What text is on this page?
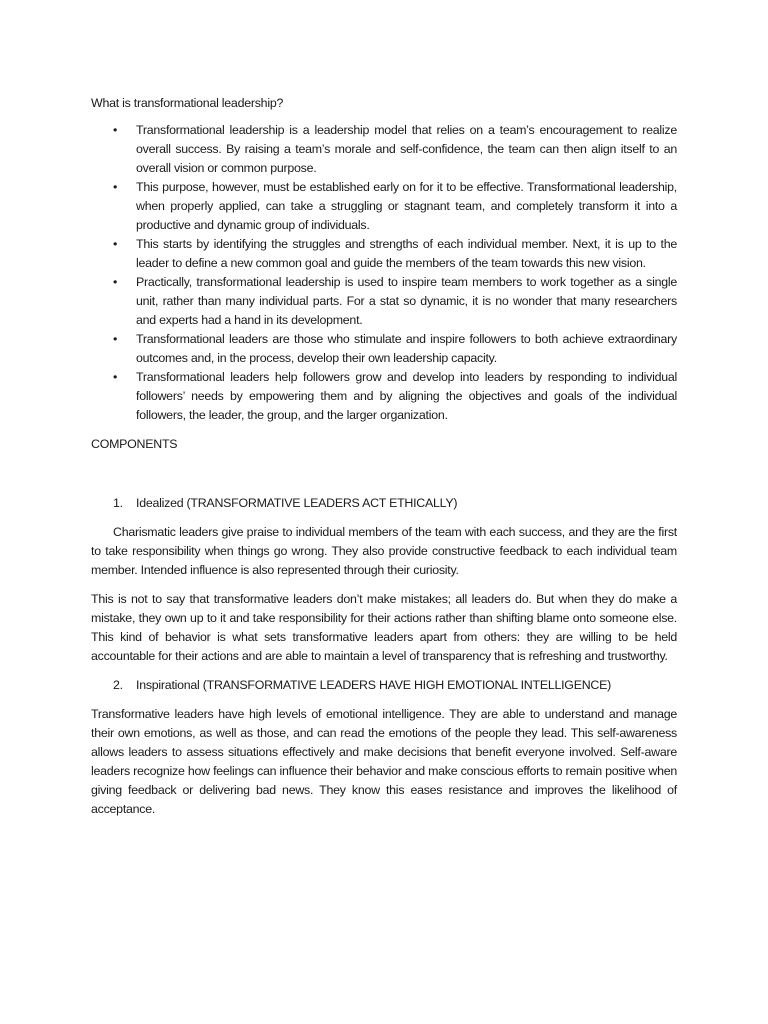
What is transformational leadership?

• Transformational leadership is a leadership model that relies on a team’s encouragement to realize overall success. By raising a team’s morale and self-confidence, the team can then align itself to an overall vision or common purpose.
• This purpose, however, must be established early on for it to be effective. Transformational leadership, when properly applied, can take a struggling or stagnant team, and completely transform it into a productive and dynamic group of individuals.
• This starts by identifying the struggles and strengths of each individual member. Next, it is up to the leader to define a new common goal and guide the members of the team towards this new vision.
• Practically, transformational leadership is used to inspire team members to work together as a single unit, rather than many individual parts. For a stat so dynamic, it is no wonder that many researchers and experts had a hand in its development.
• Transformational leaders are those who stimulate and inspire followers to both achieve extraordinary outcomes and, in the process, develop their own leadership capacity.
• Transformational leaders help followers grow and develop into leaders by responding to individual followers’ needs by empowering them and by aligning the objectives and goals of the individual followers, the leader, the group, and the larger organization.

COMPONENTS

1. Idealized (TRANSFORMATIVE LEADERS ACT ETHICALLY)

Charismatic leaders give praise to individual members of the team with each success, and they are the first to take responsibility when things go wrong. They also provide constructive feedback to each individual team member. Intended influence is also represented through their curiosity.

This is not to say that transformative leaders don’t make mistakes; all leaders do. But when they do make a mistake, they own up to it and take responsibility for their actions rather than shifting blame onto someone else. This kind of behavior is what sets transformative leaders apart from others: they are willing to be held accountable for their actions and are able to maintain a level of transparency that is refreshing and trustworthy.

2. Inspirational (TRANSFORMATIVE LEADERS HAVE HIGH EMOTIONAL INTELLIGENCE)

Transformative leaders have high levels of emotional intelligence. They are able to understand and manage their own emotions, as well as those, and can read the emotions of the people they lead. This self-awareness allows leaders to assess situations effectively and make decisions that benefit everyone involved. Self-aware leaders recognize how feelings can influence their behavior and make conscious efforts to remain positive when giving feedback or delivering bad news. They know this eases resistance and improves the likelihood of acceptance.
